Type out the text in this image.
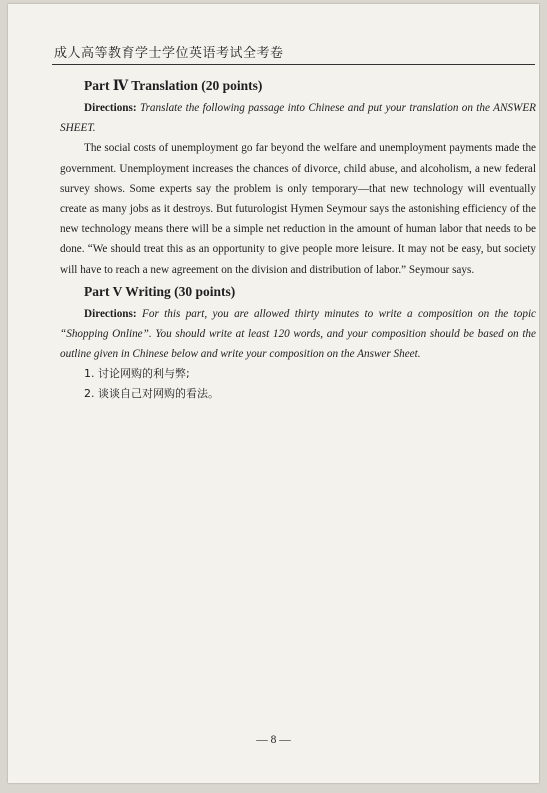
成人高等教育学士学位英语考试全考卷
Part Ⅳ Translation (20 points)

Directions: Translate the following passage into Chinese and put your translation on the ANSWER SHEET.

The social costs of unemployment go far beyond the welfare and unemployment payments made the government. Unemployment increases the chances of divorce, child abuse, and alcoholism, a new federal survey shows. Some experts say the problem is only temporary—that new technology will eventually create as many jobs as it destroys. But futurologist Hymen Seymour says the astonishing efficiency of the new technology means there will be a simple net reduction in the amount of human labor that needs to be done. “We should treat this as an opportunity to give people more leisure. It may not be easy, but society will have to reach a new agreement on the division and distribution of labor.” Seymour says.

Part V Writing (30 points)

Directions: For this part, you are allowed thirty minutes to write a composition on the topic “Shopping Online”. You should write at least 120 words, and your composition should be based on the outline given in Chinese below and write your composition on the Answer Sheet.

1. 讨论网购的利与弊;
2. 谈谈自己对网购的看法。
— 8 —
